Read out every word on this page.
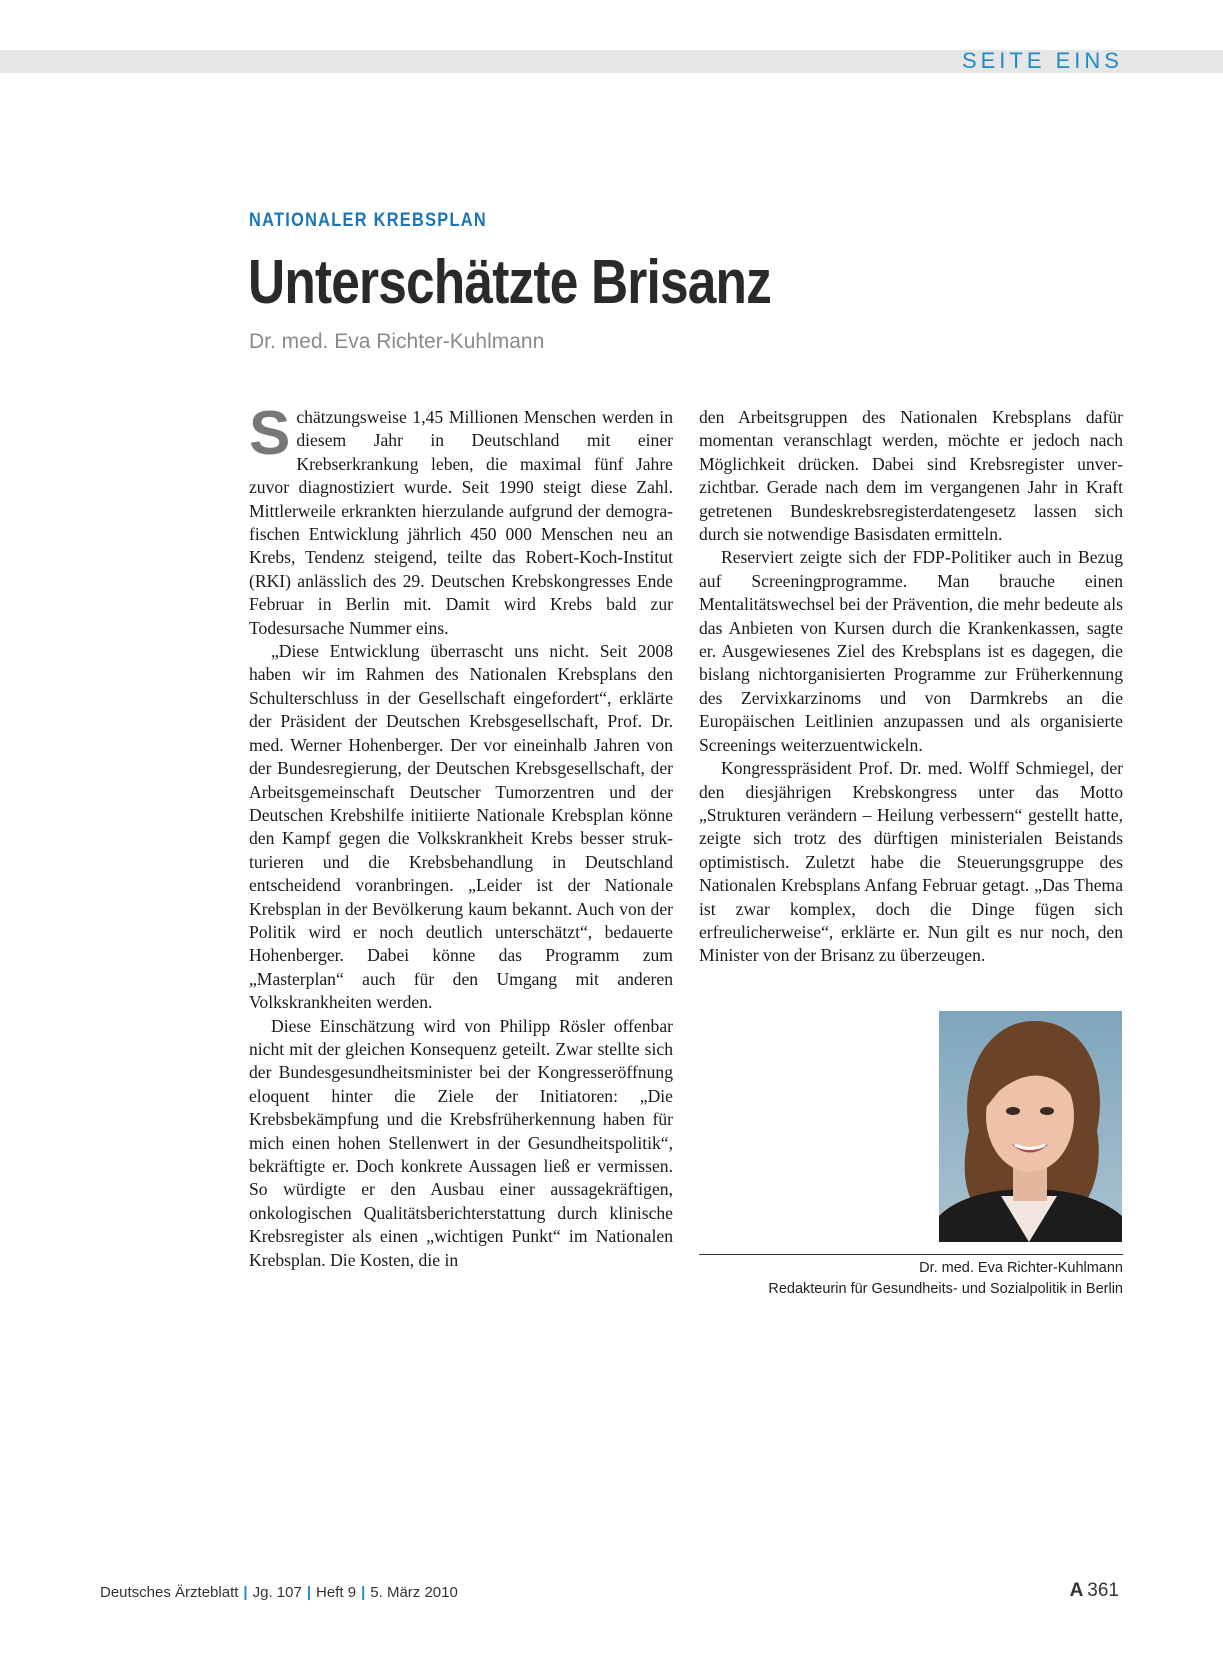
SEITE EINS
NATIONALER KREBSPLAN
Unterschätzte Brisanz
Dr. med. Eva Richter-Kuhlmann

Schätzungsweise 1,45 Millionen Menschen werden in diesem Jahr in Deutschland mit einer Krebserkrankung leben, die maximal fünf Jahre zuvor diagnostiziert wurde. Seit 1990 steigt diese Zahl. Mittlerweile erkrankten hierzulande aufgrund der demografischen Entwicklung jährlich 450 000 Menschen neu an Krebs, Tendenz steigend, teilte das Robert-Koch-Institut (RKI) anlässlich des 29. Deutschen Krebskongresses Ende Februar in Berlin mit. Damit wird Krebs bald zur Todesursache Nummer eins.

„Diese Entwicklung überrascht uns nicht. Seit 2008 haben wir im Rahmen des Nationalen Krebsplans den Schulterschluss in der Gesellschaft eingefordert“, erklärte der Präsident der Deutschen Krebsgesellschaft, Prof. Dr. med. Werner Hohenberger. Der vor eineinhalb Jahren von der Bundesregierung, der Deutschen Krebsgesellschaft, der Arbeitsgemeinschaft Deutscher Tumorzentren und der Deutschen Krebshilfe initiierte Nationale Krebsplan könne den Kampf gegen die Volkskrankheit Krebs besser strukturieren und die Krebsbehandlung in Deutschland entscheidend voranbringen. „Leider ist der Nationale Krebsplan in der Bevölkerung kaum bekannt. Auch von der Politik wird er noch deutlich unterschätzt“, bedauerte Hohenberger. Dabei könne das Programm zum „Masterplan“ auch für den Umgang mit anderen Volkskrankheiten werden.

Diese Einschätzung wird von Philipp Rösler offenbar nicht mit der gleichen Konsequenz geteilt. Zwar stellte sich der Bundesgesundheitsminister bei der Kongresseröffnung eloquent hinter die Ziele der Initiatoren: „Die Krebsbekämpfung und die Krebsfrüherkennung haben für mich einen hohen Stellenwert in der Gesundheitspolitik“, bekräftigte er. Doch konkrete Aussagen ließ er vermissen. So würdigte er den Ausbau einer aussagekräftigen, onkologischen Qualitätsberichterstattung durch klinische Krebsregister als einen „wichtigen Punkt“ im Nationalen Krebsplan. Die Kosten, die in

den Arbeitsgruppen des Nationalen Krebsplans dafür momentan veranschlagt werden, möchte er jedoch nach Möglichkeit drücken. Dabei sind Krebsregister unverzichtbar. Gerade nach dem im vergangenen Jahr in Kraft getretenen Bundeskrebsregisterdatengesetz lassen sich durch sie notwendige Basisdaten ermitteln.

Reserviert zeigte sich der FDP-Politiker auch in Bezug auf Screeningprogramme. Man brauche einen Mentalitätswechsel bei der Prävention, die mehr bedeute als das Anbieten von Kursen durch die Krankenkassen, sagte er. Ausgewiesenes Ziel des Krebsplans ist es dagegen, die bislang nichtorganisierten Programme zur Früherkennung des Zervixkarzinoms und von Darmkrebs an die Europäischen Leitlinien anzupassen und als organisierte Screenings weiterzuentwickeln.

Kongresspräsident Prof. Dr. med. Wolff Schmiegel, der den diesjährigen Krebskongress unter das Motto „Strukturen verändern – Heilung verbessern“ gestellt hatte, zeigte sich trotz des dürftigen ministerialen Beistands optimistisch. Zuletzt habe die Steuerungsgruppe des Nationalen Krebsplans Anfang Februar getagt. „Das Thema ist zwar komplex, doch die Dinge fügen sich erfreulicherweise“, erklärte er. Nun gilt es nur noch, den Minister von der Brisanz zu überzeugen.

Dr. med. Eva Richter-Kuhlmann
Redakteurin für Gesundheits- und Sozialpolitik in Berlin
Deutsches Ärzteblatt | Jg. 107 | Heft 9 | 5. März 2010	A 361
